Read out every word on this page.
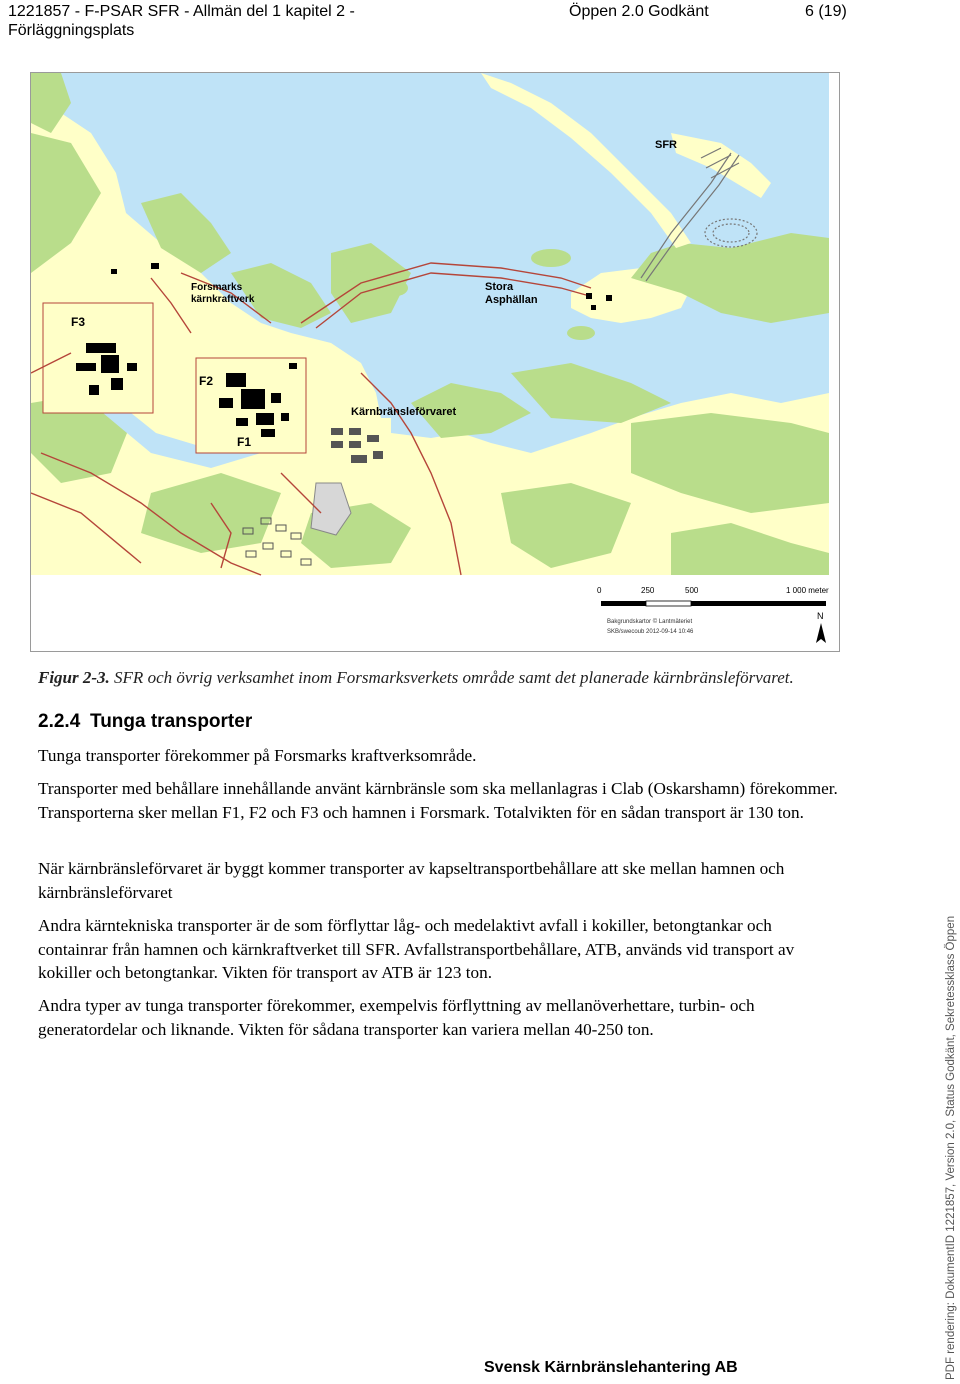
1221857 - F-PSAR SFR - Allmän del 1 kapitel 2 -
Förläggningsplats
Öppen 2.0 Godkänt	6 (19)
SFR
Forsmarks
kärnkraftverk
F3
F2
F1
Stora
Asphällan
Kärnbränsleförvaret
0	250	500	1 000 meter
N
Bakgrundskartor © Lantmäteriet
SKB/swecoub 2012-09-14 10:46
Figur 2-3. SFR och övrig verksamhet inom Forsmarksverkets område samt det planerade kärnbränsleförvaret.
2.2.4 Tunga transporter
Tunga transporter förekommer på Forsmarks kraftverksområde.
Transporter med behållare innehållande använt kärnbränsle som ska mellanlagras i Clab (Oskarshamn) förekommer. Transporterna sker mellan F1, F2 och F3 och hamnen i Forsmark. Totalvikten för en sådan transport är 130 ton.
När kärnbränsleförvaret är byggt kommer transporter av kapseltransportbehållare att ske mellan hamnen och kärnbränsleförvaret
Andra kärntekniska transporter är de som förflyttar låg- och medelaktivt avfall i kokiller, betongtankar och containrar från hamnen och kärnkraftverket till SFR. Avfallstransportbehållare, ATB, används vid transport av kokiller och betongtankar. Vikten för transport av ATB är 123 ton.
Andra typer av tunga transporter förekommer, exempelvis förflyttning av mellanöverhettare, turbin- och generatordelar och liknande. Vikten för sådana transporter kan variera mellan 40-250 ton.
Svensk Kärnbränslehantering AB	PDF rendering: DokumentID 1221857, Version 2.0, Status Godkänt, Sekretessklass Öppen
